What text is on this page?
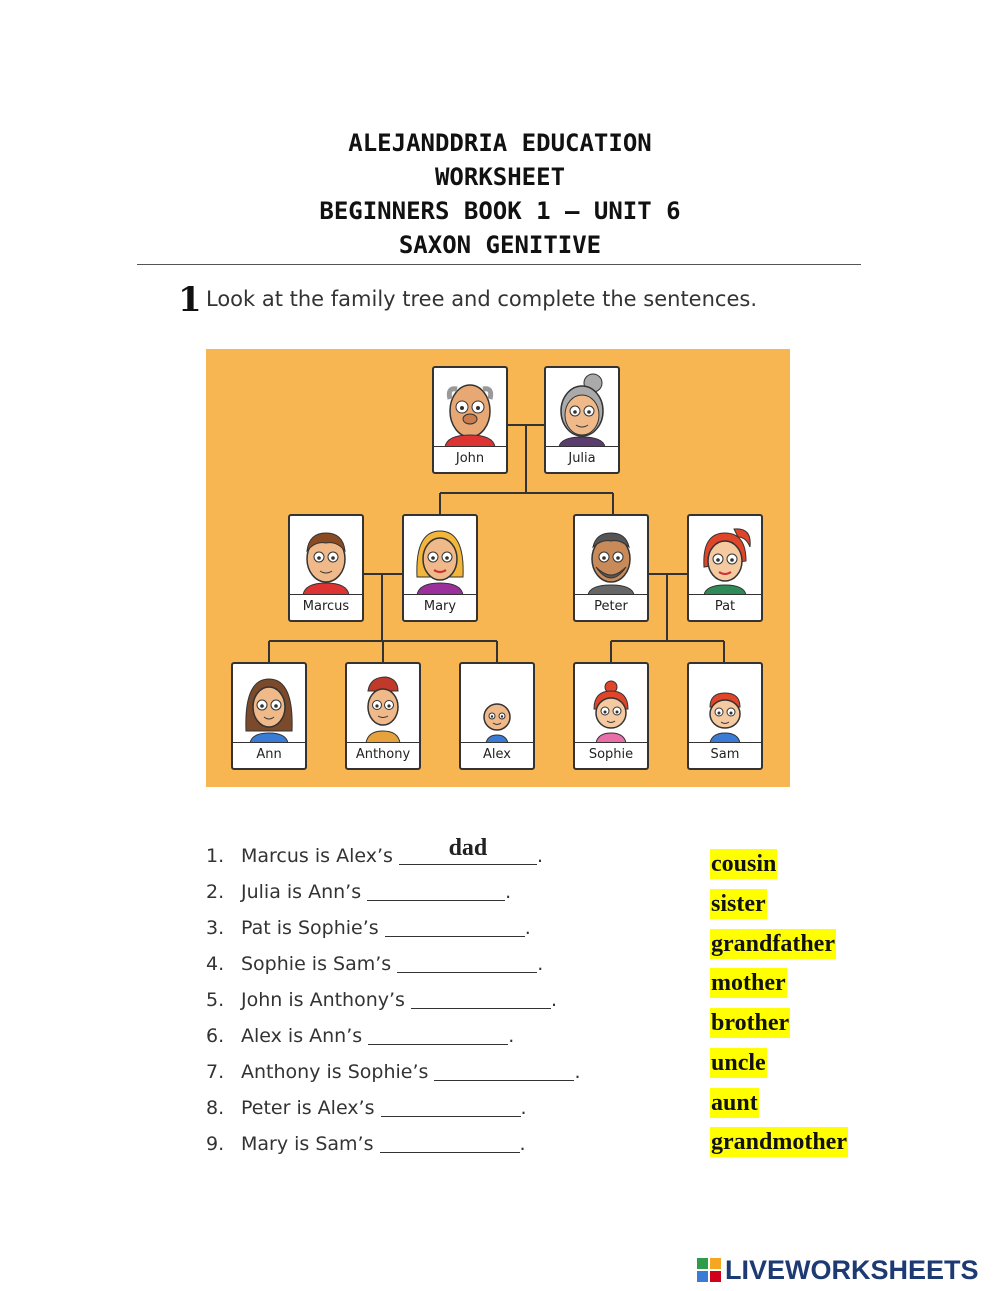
ALEJANDDRIA EDUCATION
WORKSHEET
BEGINNERS BOOK 1 – UNIT 6
SAXON GENITIVE
1 Look at the family tree and complete the sentences.
John	Julia
Marcus	Mary	Peter	Pat
Ann	Anthony	Alex	Sophie	Sam
1. Marcus is Alex’s	dad	.
2. Julia is Ann’s	.
3. Pat is Sophie’s	.
4. Sophie is Sam’s	.
5. John is Anthony’s	.
6. Alex is Ann’s	.
7. Anthony is Sophie’s	.
8. Peter is Alex’s	.
9. Mary is Sam’s	.
cousin
sister
grandfather
mother
brother
uncle
aunt
grandmother
LIVEWORKSHEETS
